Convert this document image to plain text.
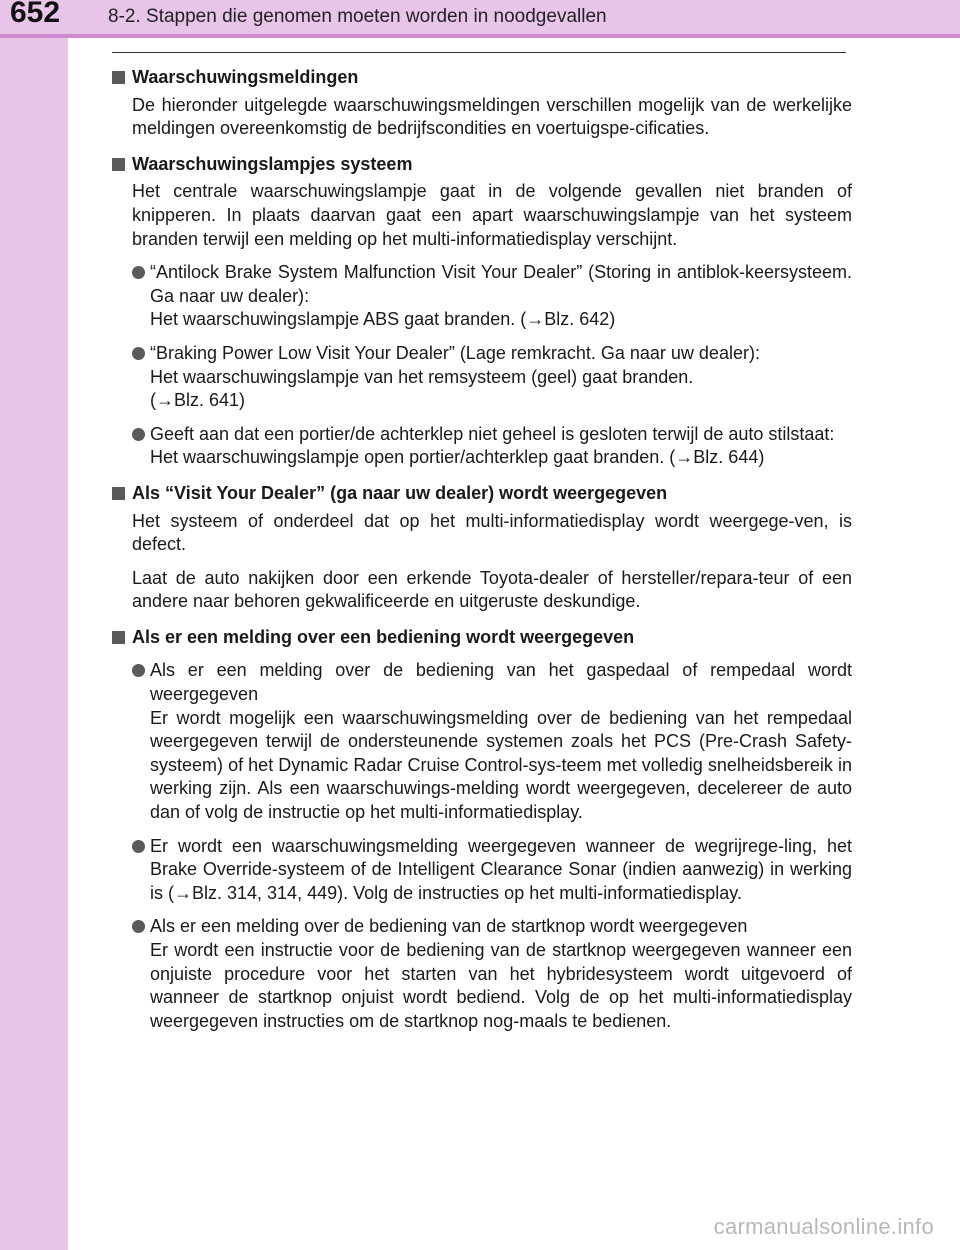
652	8-2. Stappen die genomen moeten worden in noodgevallen

Waarschuwingsmeldingen

De hieronder uitgelegde waarschuwingsmeldingen verschillen mogelijk van de werkelijke meldingen overeenkomstig de bedrijfscondities en voertuigspe-cificaties.

Waarschuwingslampjes systeem

Het centrale waarschuwingslampje gaat in de volgende gevallen niet branden of knipperen. In plaats daarvan gaat een apart waarschuwingslampje van het systeem branden terwijl een melding op het multi-informatiedisplay verschijnt.

“Antilock Brake System Malfunction Visit Your Dealer” (Storing in antiblok-keersysteem. Ga naar uw dealer):

Het waarschuwingslampje ABS gaat branden. (→Blz. 642)

“Braking Power Low Visit Your Dealer” (Lage remkracht. Ga naar uw dealer):

Het waarschuwingslampje van het remsysteem (geel) gaat branden.

(→Blz. 641)

Geeft aan dat een portier/de achterklep niet geheel is gesloten terwijl de auto stilstaat:

Het waarschuwingslampje open portier/achterklep gaat branden. (→Blz. 644)

Als “Visit Your Dealer” (ga naar uw dealer) wordt weergegeven

Het systeem of onderdeel dat op het multi-informatiedisplay wordt weergege-ven, is defect.

Laat de auto nakijken door een erkende Toyota-dealer of hersteller/repara-teur of een andere naar behoren gekwalificeerde en uitgeruste deskundige.

Als er een melding over een bediening wordt weergegeven

Als er een melding over de bediening van het gaspedaal of rempedaal wordt weergegeven

Er wordt mogelijk een waarschuwingsmelding over de bediening van het rempedaal weergegeven terwijl de ondersteunende systemen zoals het PCS (Pre-Crash Safety-systeem) of het Dynamic Radar Cruise Control-sys-teem met volledig snelheidsbereik in werking zijn. Als een waarschuwings-melding wordt weergegeven, decelereer de auto dan of volg de instructie op het multi-informatiedisplay.

Er wordt een waarschuwingsmelding weergegeven wanneer de wegrijrege-ling, het Brake Override-systeem of de Intelligent Clearance Sonar (indien aanwezig) in werking is (→Blz. 314, 314, 449). Volg de instructies op het multi-informatiedisplay.

Als er een melding over de bediening van de startknop wordt weergegeven

Er wordt een instructie voor de bediening van de startknop weergegeven wanneer een onjuiste procedure voor het starten van het hybridesysteem wordt uitgevoerd of wanneer de startknop onjuist wordt bediend. Volg de op het multi-informatiedisplay weergegeven instructies om de startknop nog-maals te bedienen.

carmanualsonline.info
